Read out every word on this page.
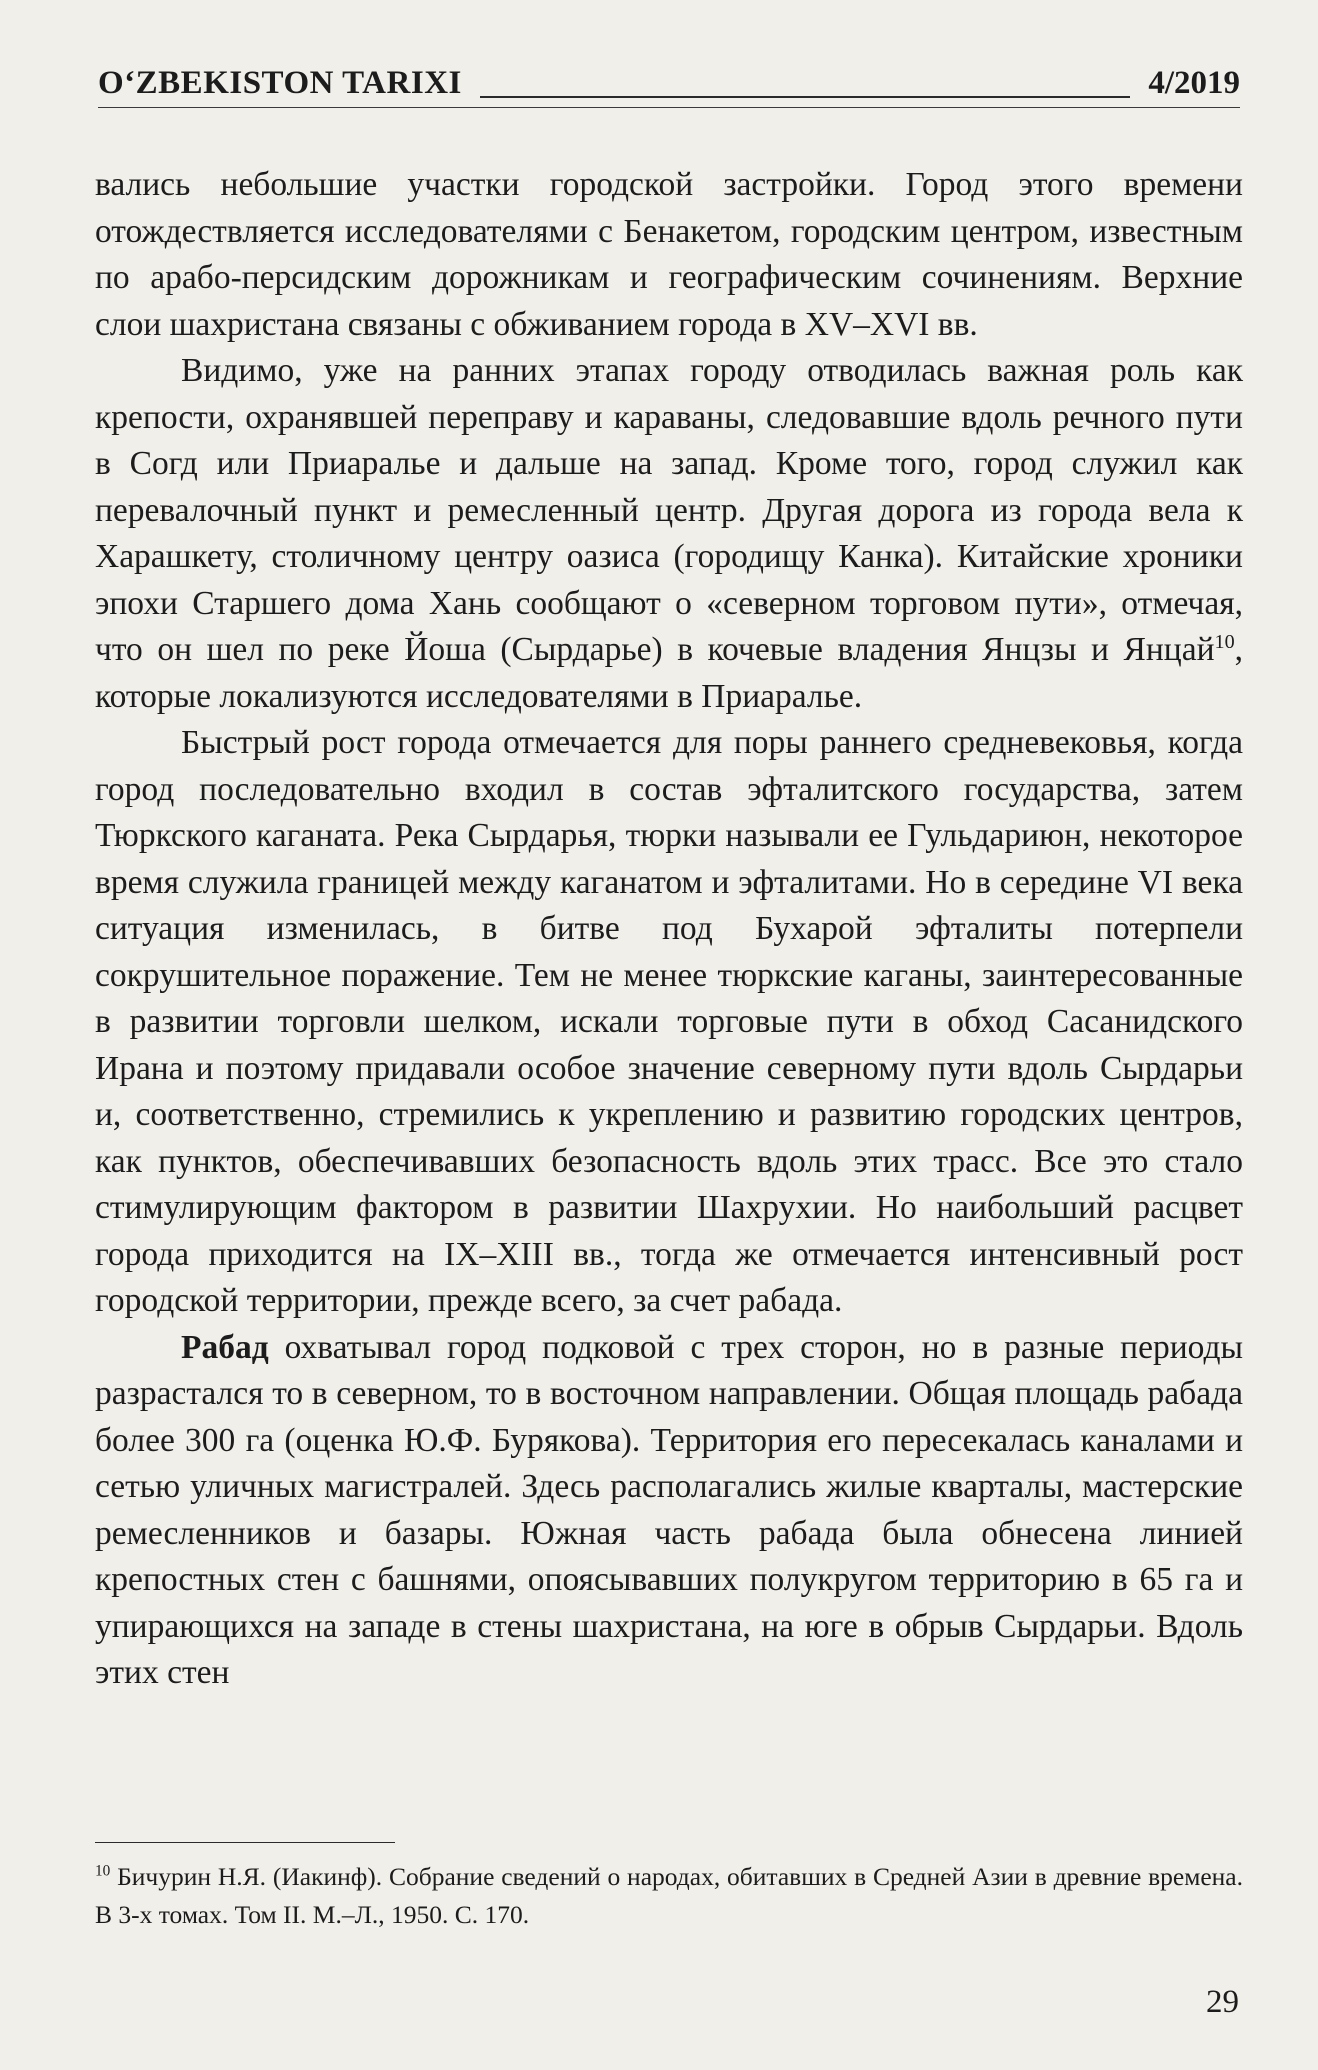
O‘ZBEKISTON TARIXI	4/2019

вались небольшие участки городской застройки. Город этого времени отождествляется исследователями с Бенакетом, городским центром, известным по арабо-персидским дорожникам и географическим сочинениям. Верхние слои шахристана связаны с обживанием города в XV–XVI вв.

Видимо, уже на ранних этапах городу отводилась важная роль как крепости, охранявшей переправу и караваны, следовавшие вдоль речного пути в Согд или Приаралье и дальше на запад. Кроме того, город служил как перевалочный пункт и ремесленный центр. Другая дорога из города вела к Харашкету, столичному центру оазиса (городищу Канка). Китайские хроники эпохи Старшего дома Хань сообщают о «северном торговом пути», отмечая, что он шел по реке Йоша (Сырдарье) в кочевые владения Янцзы и Янцай$^{10}$, которые локализуются исследователями в Приаралье.

Быстрый рост города отмечается для поры раннего средневековья, когда город последовательно входил в состав эфталитского государства, затем Тюркского каганата. Река Сырдарья, тюрки называли ее Гульдариюн, некоторое время служила границей между каганатом и эфталитами. Но в середине VI века ситуация изменилась, в битве под Бухарой эфталиты потерпели сокрушительное поражение. Тем не менее тюркские каганы, заинтересованные в развитии торговли шелком, искали торговые пути в обход Сасанидского Ирана и поэтому придавали особое значение северному пути вдоль Сырдарьи и, соответственно, стремились к укреплению и развитию городских центров, как пунктов, обеспечивавших безопасность вдоль этих трасс. Все это стало стимулирующим фактором в развитии Шахрухии. Но наибольший расцвет города приходится на IX–XIII вв., тогда же отмечается интенсивный рост городской территории, прежде всего, за счет рабада.

Рабад охватывал город подковой с трех сторон, но в разные периоды разрастался то в северном, то в восточном направлении. Общая площадь рабада более 300 га (оценка Ю.Ф. Бурякова). Территория его пересекалась каналами и сетью уличных магистралей. Здесь располагались жилые кварталы, мастерские ремесленников и базары. Южная часть рабада была обнесена линией крепостных стен с башнями, опоясывавших полукругом территорию в 65 га и упирающихся на западе в стены шахристана, на юге в обрыв Сырдарьи. Вдоль этих стен

$^{10}$ Бичурин Н.Я. (Иакинф). Собрание сведений о народах, обитавших в Средней Азии в древние времена. В 3-х томах. Том II. М.–Л., 1950. С. 170.
29
